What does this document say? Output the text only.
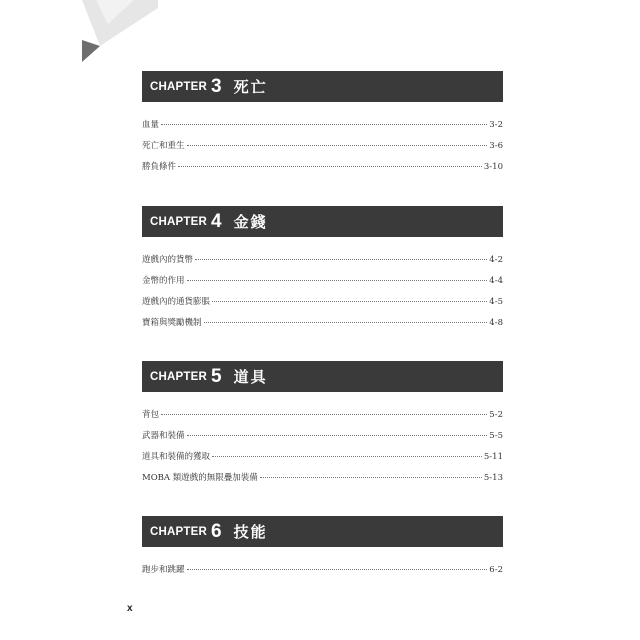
CHAPTER 3 死亡
血量	3-2
死亡和重生	3-6
勝負條件	3-10
CHAPTER 4 金錢
遊戲內的貨幣	4-2
金幣的作用	4-4
遊戲內的通貨膨脹	4-5
寶箱與獎勵機制	4-8
CHAPTER 5 道具
背包	5-2
武器和裝備	5-5
道具和裝備的獲取	5-11
MOBA 類遊戲的無限疊加裝備	5-13
CHAPTER 6 技能
跑步和跳躍	6-2
x
